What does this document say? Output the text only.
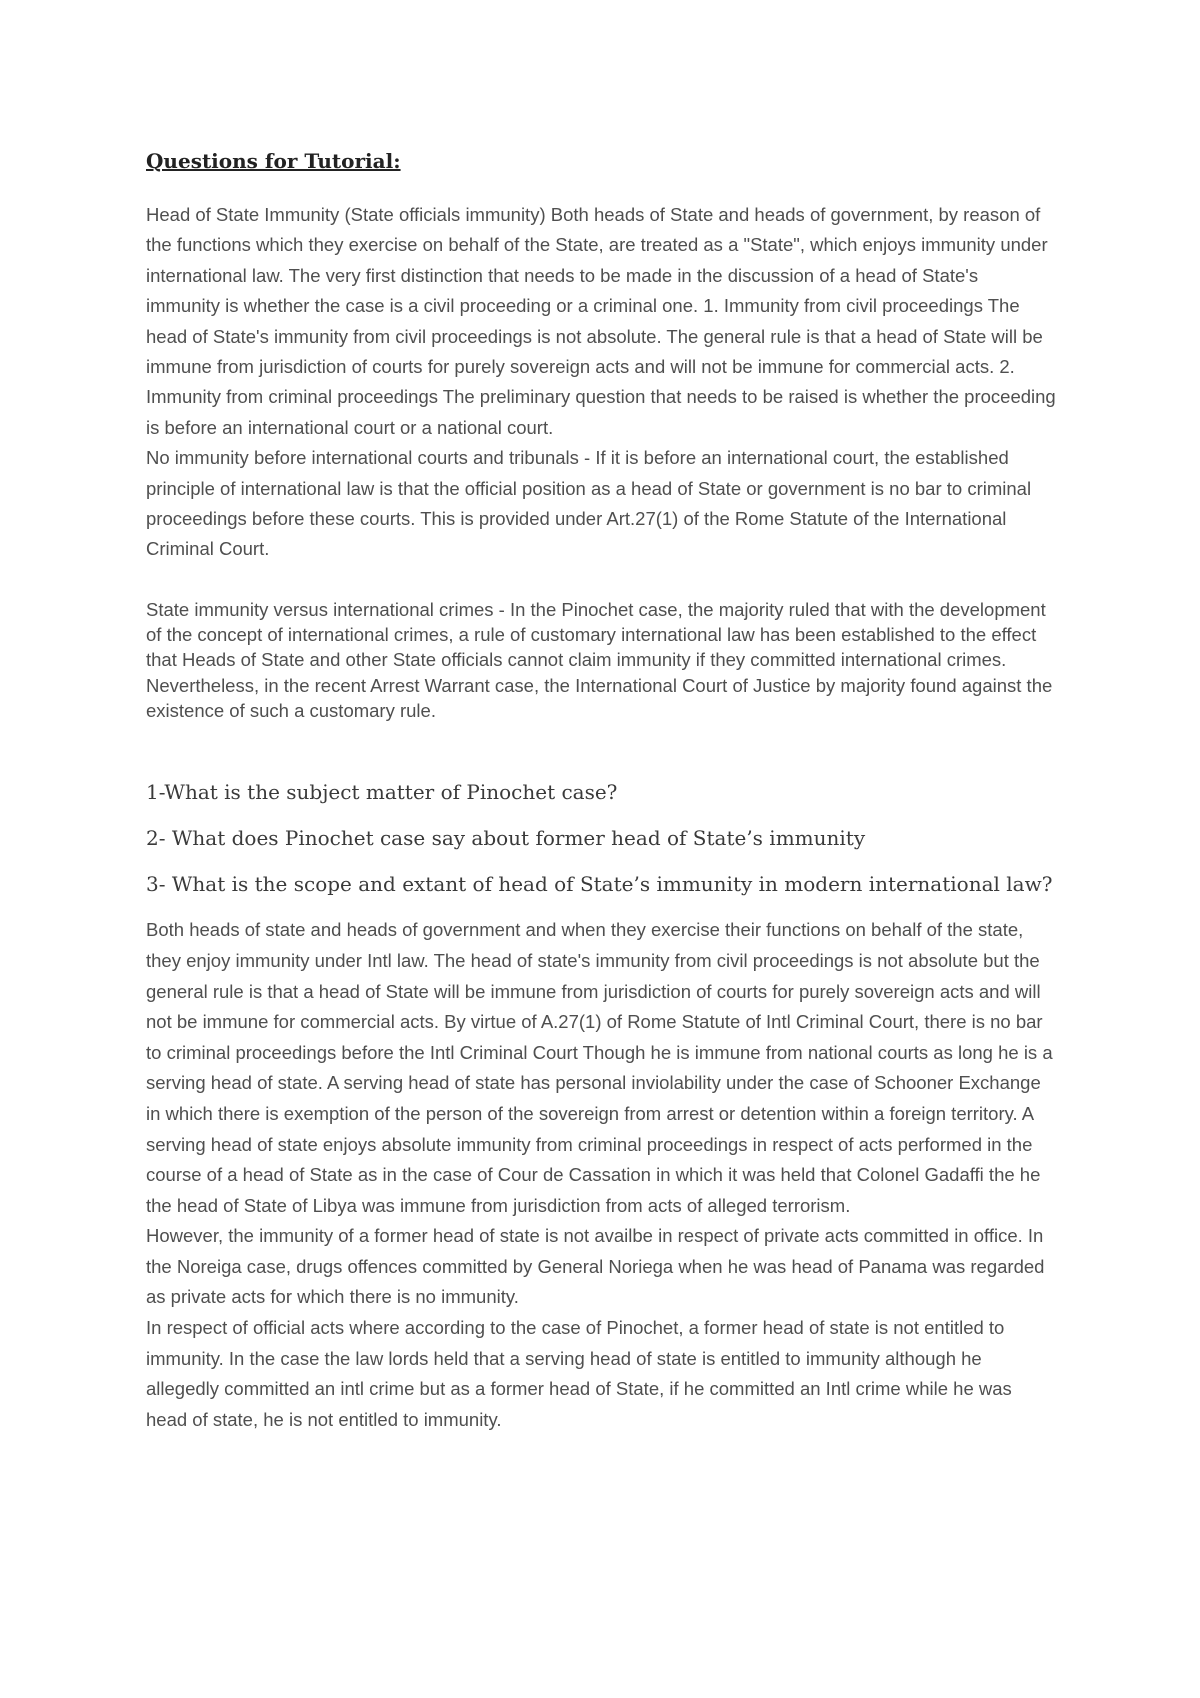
Questions for Tutorial:

Head of State Immunity (State officials immunity) Both heads of State and heads of government, by reason of the functions which they exercise on behalf of the State, are treated as a "State", which enjoys immunity under international law. The very first distinction that needs to be made in the discussion of a head of State's immunity is whether the case is a civil proceeding or a criminal one. 1. Immunity from civil proceedings The head of State's immunity from civil proceedings is not absolute. The general rule is that a head of State will be immune from jurisdiction of courts for purely sovereign acts and will not be immune for commercial acts. 2. Immunity from criminal proceedings The preliminary question that needs to be raised is whether the proceeding is before an international court or a national court.

No immunity before international courts and tribunals - If it is before an international court, the established principle of international law is that the official position as a head of State or government is no bar to criminal proceedings before these courts. This is provided under Art.27(1) of the Rome Statute of the International Criminal Court.

State immunity versus international crimes - In the Pinochet case, the majority ruled that with the development of the concept of international crimes, a rule of customary international law has been established to the effect that Heads of State and other State officials cannot claim immunity if they committed international crimes. Nevertheless, in the recent Arrest Warrant case, the International Court of Justice by majority found against the existence of such a customary rule.

1-What is the subject matter of Pinochet case?

2- What does Pinochet case say about former head of State’s immunity

3- What is the scope and extant of head of State’s immunity in modern international law?

Both heads of state and heads of government and when they exercise their functions on behalf of the state, they enjoy immunity under Intl law. The head of state's immunity from civil proceedings is not absolute but the general rule is that a head of State will be immune from jurisdiction of courts for purely sovereign acts and will not be immune for commercial acts. By virtue of A.27(1) of Rome Statute of Intl Criminal Court, there is no bar to criminal proceedings before the Intl Criminal Court Though he is immune from national courts as long he is a serving head of state. A serving head of state has personal inviolability under the case of Schooner Exchange in which there is exemption of the person of the sovereign from arrest or detention within a foreign territory. A serving head of state enjoys absolute immunity from criminal proceedings in respect of acts performed in the course of a head of State as in the case of Cour de Cassation in which it was held that Colonel Gadaffi the he the head of State of Libya was immune from jurisdiction from acts of alleged terrorism.

However, the immunity of a former head of state is not availbe in respect of private acts committed in office. In the Noreiga case, drugs offences committed by General Noriega when he was head of Panama was regarded as private acts for which there is no immunity.

In respect of official acts where according to the case of Pinochet, a former head of state is not entitled to immunity. In the case the law lords held that a serving head of state is entitled to immunity although he allegedly committed an intl crime but as a former head of State, if he committed an Intl crime while he was head of state, he is not entitled to immunity.
